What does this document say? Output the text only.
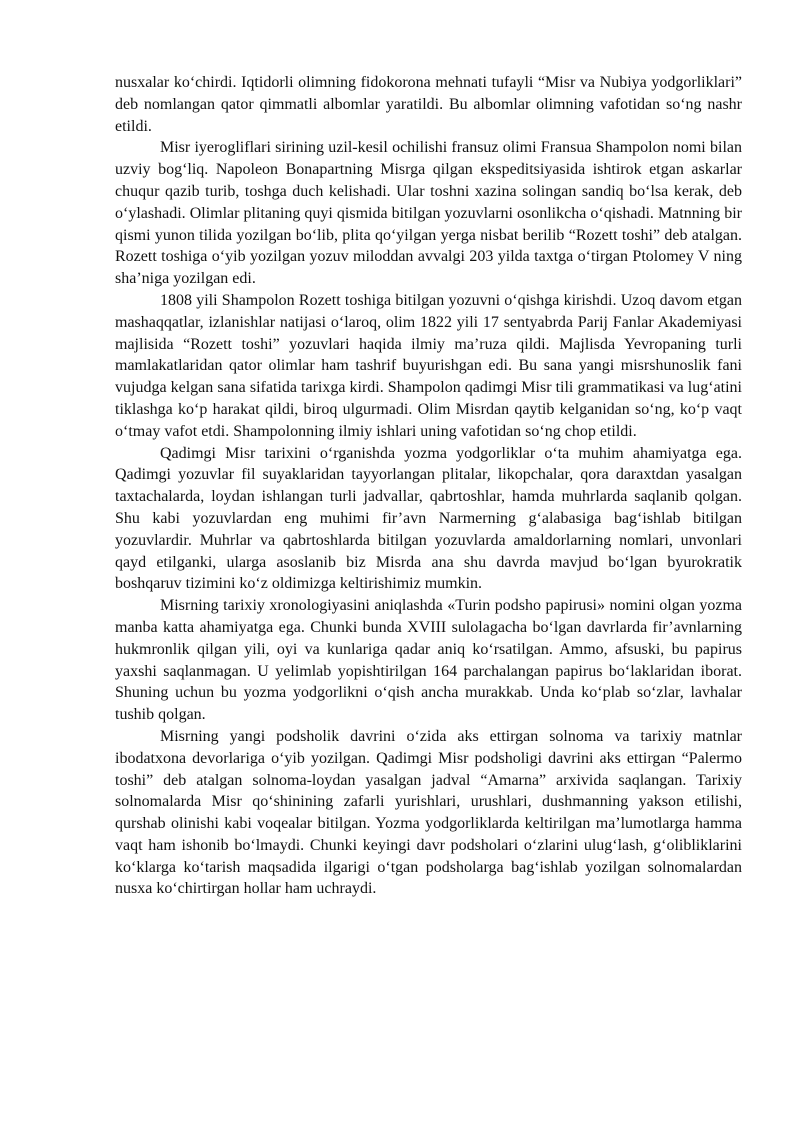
nusxalar ko‘chirdi. Iqtidorli olimning fidokorona mehnati tufayli “Misr va Nubiya yodgorliklari” deb nomlangan qator qimmatli albomlar yaratildi. Bu albomlar olimning vafotidan so‘ng nashr etildi.

Misr iyerogliflari sirining uzil-kesil ochilishi fransuz olimi Fransua Shampolon nomi bilan uzviy bog‘liq. Napoleon Bonapartning Misrga qilgan ekspeditsiyasida ishtirok etgan askarlar chuqur qazib turib, toshga duch kelishadi. Ular toshni xazina solingan sandiq bo‘lsa kerak, deb o‘ylashadi. Olimlar plitaning quyi qismida bitilgan yozuvlarni osonlikcha o‘qishadi. Matnning bir qismi yunon tilida yozilgan bo‘lib, plita qo‘yilgan yerga nisbat berilib “Rozett toshi” deb atalgan. Rozett toshiga o‘yib yozilgan yozuv miloddan avvalgi 203 yilda taxtga o‘tirgan Ptolomey V ning sha’niga yozilgan edi.

1808 yili Shampolon Rozett toshiga bitilgan yozuvni o‘qishga kirishdi. Uzoq davom etgan mashaqqatlar, izlanishlar natijasi o‘laroq, olim 1822 yili 17 sentyabrda Parij Fanlar Akademiyasi majlisida “Rozett toshi” yozuvlari haqida ilmiy ma’ruza qildi. Majlisda Yevropaning turli mamlakatlaridan qator olimlar ham tashrif buyurishgan edi. Bu sana yangi misrshunoslik fani vujudga kelgan sana sifatida tarixga kirdi. Shampolon qadimgi Misr tili grammatikasi va lug‘atini tiklashga ko‘p harakat qildi, biroq ulgurmadi. Olim Misrdan qaytib kelganidan so‘ng, ko‘p vaqt o‘tmay vafot etdi. Shampolonning ilmiy ishlari uning vafotidan so‘ng chop etildi.

Qadimgi Misr tarixini o‘rganishda yozma yodgorliklar o‘ta muhim ahamiyatga ega. Qadimgi yozuvlar fil suyaklaridan tayyorlangan plitalar, likopchalar, qora daraxtdan yasalgan taxtachalarda, loydan ishlangan turli jadvallar, qabrtoshlar, hamda muhrlarda saqlanib qolgan. Shu kabi yozuvlardan eng muhimi fir’avn Narmerning g‘alabasiga bag‘ishlab bitilgan yozuvlardir. Muhrlar va qabrtoshlarda bitilgan yozuvlarda amaldorlarning nomlari, unvonlari qayd etilganki, ularga asoslanib biz Misrda ana shu davrda mavjud bo‘lgan byurokratik boshqaruv tizimini ko‘z oldimizga keltirishimiz mumkin.

Misrning tarixiy xronologiyasini aniqlashda «Turin podsho papirusi» nomini olgan yozma manba katta ahamiyatga ega. Chunki bunda XVIII sulolagacha bo‘lgan davrlarda fir’avnlarning hukmronlik qilgan yili, oyi va kunlariga qadar aniq ko‘rsatilgan. Ammo, afsuski, bu papirus yaxshi saqlanmagan. U yelimlab yopishtirilgan 164 parchalangan papirus bo‘laklaridan iborat. Shuning uchun bu yozma yodgorlikni o‘qish ancha murakkab. Unda ko‘plab so‘zlar, lavhalar tushib qolgan.

Misrning yangi podsholik davrini o‘zida aks ettirgan solnoma va tarixiy matnlar ibodatxona devorlariga o‘yib yozilgan. Qadimgi Misr podsholigi davrini aks ettirgan “Palermo toshi” deb atalgan solnoma-loydan yasalgan jadval “Amarna” arxivida saqlangan. Tarixiy solnomalarda Misr qo‘shinining zafarli yurishlari, urushlari, dushmanning yakson etilishi, qurshab olinishi kabi voqealar bitilgan. Yozma yodgorliklarda keltirilgan ma’lumotlarga hamma vaqt ham ishonib bo‘lmaydi. Chunki keyingi davr podsholari o‘zlarini ulug‘lash, g‘olibliklarini ko‘klarga ko‘tarish maqsadida ilgarigi o‘tgan podsholarga bag‘ishlab yozilgan solnomalardan nusxa ko‘chirtirgan hollar ham uchraydi.
